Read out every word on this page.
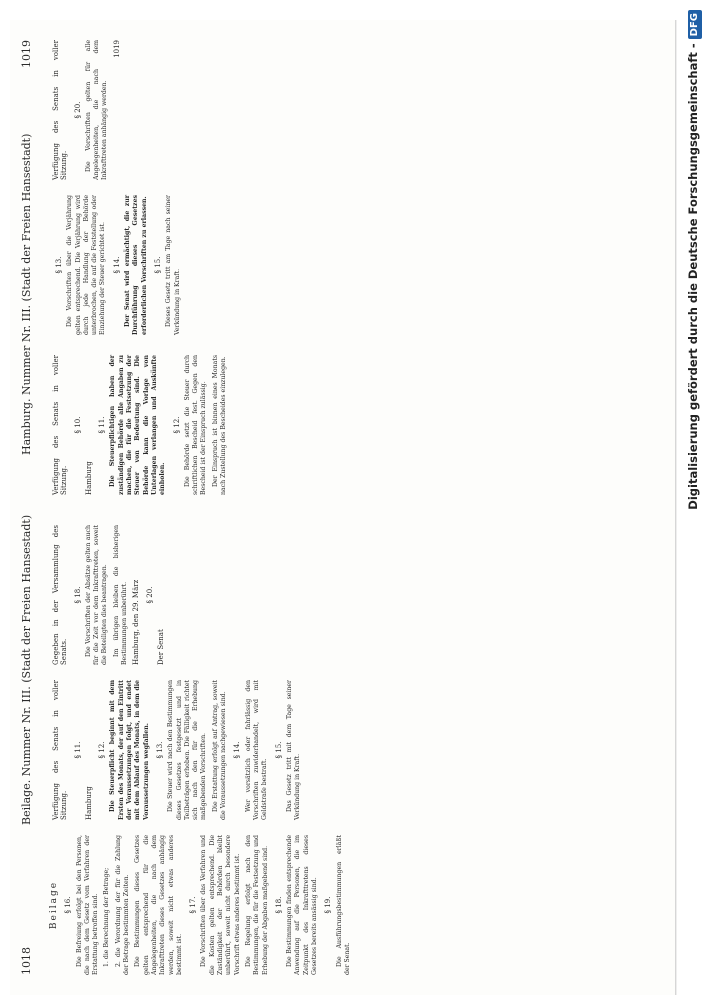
1018
Beilage. Nummer Nr. III. (Stadt der Freien Hansestadt)
Hamburg. Nummer Nr. III. (Stadt der Freien Hansestadt)
1019
Beilage § 16. Die Befreiung erfolgt bei den Personen, die nach dem Gesetz vom Verfahren der Erstattung betroffen sind. 1. die Berechnung der Betrage; 2. die Verordnung der für die Zahlung der Betrage bestimmten Zeiten. Die Bestimmungen dieses Gesetzes gelten entsprechend für die Angelegenheiten, die nach dem Inkrafttreten dieses Gesetzes anhängig werden, soweit nicht etwas anderes bestimmt ist.

§ 17. Die Vorschriften über das Verfahren und die Kosten gelten entsprechend. Die Zuständigkeit der Behörden bleibt unberührt, soweit nicht durch besondere Vorschrift etwas anderes bestimmt ist. Die Regelung erfolgt nach den Bestimmungen, die für die Festsetzung und Erhebung der Abgaben maßgebend sind. § 18. Die Bestimmungen finden entsprechende Anwendung auf die Personen, die im Zeitpunkt des Inkrafttretens dieses Gesetzes bereits ansässig sind. § 19. Die Ausführungsbestimmungen erläßt der Senat.

Verfügung des Senats in voller Sitzung.
§ 11.
Hamburg
§ 12. Die Steuerpflicht beginnt mit dem Ersten des Monats, der auf den Eintritt der Voraussetzungen folgt, und endet mit dem Ablauf des Monats, in dem die Voraussetzungen wegfallen. § 13. Die Steuer wird nach den Bestimmungen dieses Gesetzes festgesetzt und in Teilbeträgen erhoben. Die Fälligkeit richtet sich nach den für die Erhebung maßgebenden Vorschriften. Die Erstattung erfolgt auf Antrag, soweit die Voraussetzungen nachgewiesen sind. § 14. Wer vorsätzlich oder fahrlässig den Vorschriften zuwiderhandelt, wird mit Geldstrafe bestraft.

§ 15. Das Gesetz tritt mit dem Tage seiner Verkündung in Kraft.

Gegeben in der Versammlung des Senats.
§ 18. Die Vorschriften der Absätze gelten auch für die Zeit vor dem Inkrafttreten, soweit die Beteiligten dies beantragen. Im übrigen bleiben die bisherigen Bestimmungen unberührt. Hamburg, den 29. März § 20.
Der Senat
Verfügung des Senats in voller Sitzung.
§ 10.
Hamburg
§ 11. Die Steuerpflichtigen haben der zuständigen Behörde alle Angaben zu machen, die für die Festsetzung der Steuer von Bedeutung sind. Die Behörde kann die Vorlage von Unterlagen verlangen und Auskünfte einholen.

§ 12. Die Behörde setzt die Steuer durch schriftlichen Bescheid fest. Gegen den Bescheid ist der Einspruch zulässig. Der Einspruch ist binnen eines Monats nach Zustellung des Bescheides einzulegen.

§ 13. Die Vorschriften über die Verjährung gelten entsprechend. Die Verjährung wird durch jede Handlung der Behörde unterbrochen, die auf die Feststellung oder Einziehung der Steuer gerichtet ist. § 14. Der Senat wird ermächtigt, die zur Durchführung dieses Gesetzes erforderlichen Vorschriften zu erlassen. § 15. Dieses Gesetz tritt am Tage nach seiner Verkündung in Kraft.

Verfügung des Senats in voller Sitzung.
§ 20. Die Vorschriften gelten für alle Angelegenheiten, die nach dem Inkrafttreten anhängig werden.

1019	Digitalisierung gefördert durch die Deutsche Forschungsgemeinschaft -DFG
